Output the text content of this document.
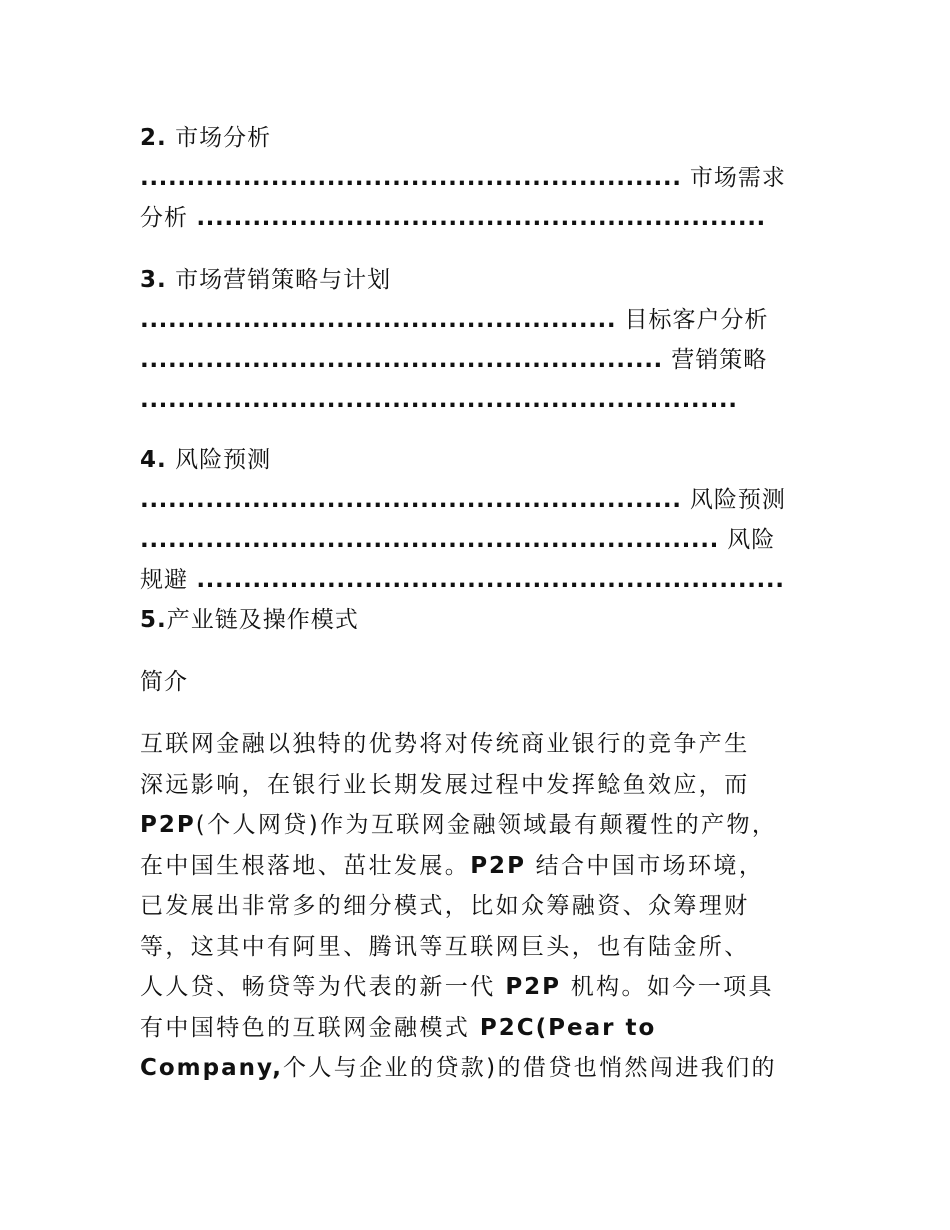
2. 市场分析
.......................................................... 市场需求
分析 .............................................................
3. 市场营销策略与计划
................................................... 目标客户分析
........................................................ 营销策略
................................................................
4. 风险预测
.......................................................... 风险预测
.............................................................. 风险
规避 ...............................................................
5.产业链及操作模式
简介
互联网金融以独特的优势将对传统商业银行的竞争产生
深远影响，在银行业长期发展过程中发挥鲶鱼效应，而
P2P(个人网贷)作为互联网金融领域最有颠覆性的产物，
在中国生根落地、茁壮发展。P2P 结合中国市场环境，
已发展出非常多的细分模式，比如众筹融资、众筹理财
等，这其中有阿里、腾讯等互联网巨头，也有陆金所、
人人贷、畅贷等为代表的新一代 P2P 机构。如今一项具
有中国特色的互联网金融模式 P2C(Pear to
Company,个人与企业的贷款)的借贷也悄然闯进我们的
